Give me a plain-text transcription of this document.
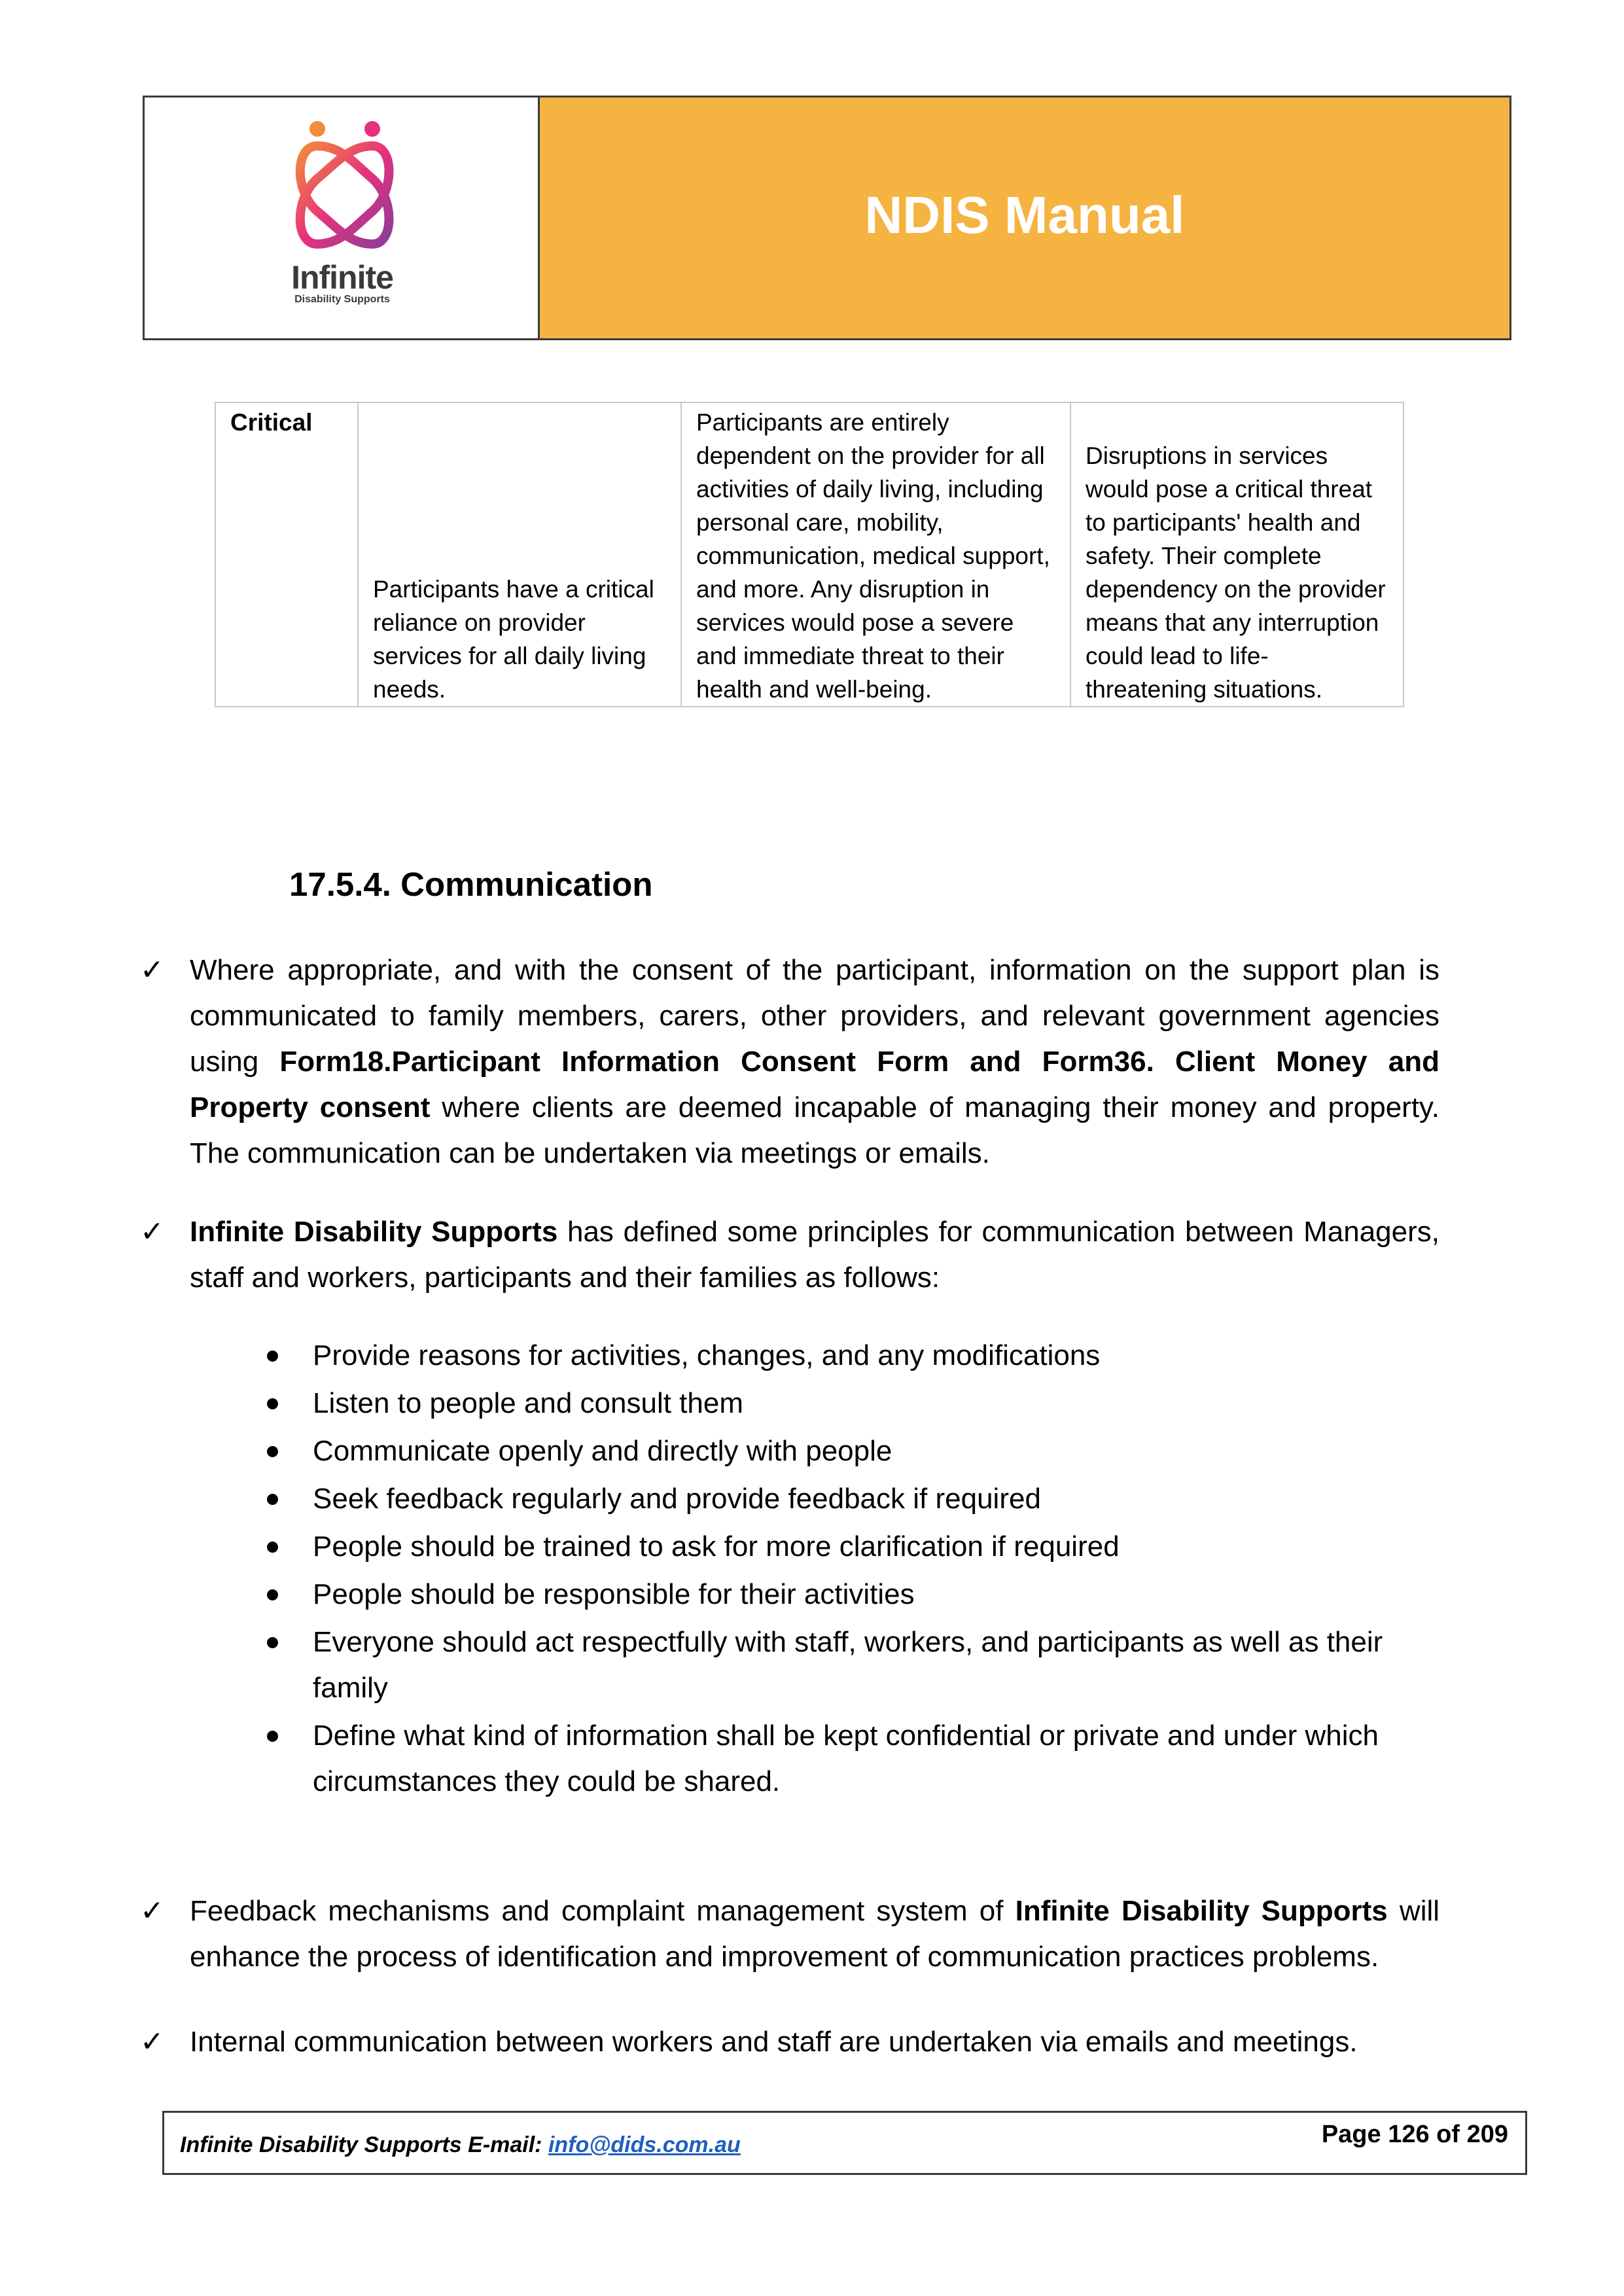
Infinite
Disability Supports
NDIS Manual
Critical	Participants have a critical reliance on provider services for all daily living needs.	Participants are entirely dependent on the provider for all activities of daily living, including personal care, mobility, communication, medical support, and more. Any disruption in services would pose a severe and immediate threat to their health and well-being.	Disruptions in services would pose a critical threat to participants' health and safety. Their complete dependency on the provider means that any interruption could lead to life-threatening situations.
17.5.4. Communication
✓ Where appropriate, and with the consent of the participant, information on the support plan is communicated to family members, carers, other providers, and relevant government agencies using Form18.Participant Information Consent Form and Form36. Client Money and Property consent where clients are deemed incapable of managing their money and property. The communication can be undertaken via meetings or emails.
✓ Infinite Disability Supports has defined some principles for communication between Managers, staff and workers, participants and their families as follows:
Provide reasons for activities, changes, and any modifications
Listen to people and consult them
Communicate openly and directly with people
Seek feedback regularly and provide feedback if required
People should be trained to ask for more clarification if required
People should be responsible for their activities
Everyone should act respectfully with staff, workers, and participants as well as their family
Define what kind of information shall be kept confidential or private and under which circumstances they could be shared.
✓ Feedback mechanisms and complaint management system of Infinite Disability Supports will enhance the process of identification and improvement of communication practices problems.
✓ Internal communication between workers and staff are undertaken via emails and meetings.
Infinite Disability Supports E-mail: info@dids.com.au	Page 126 of 209
